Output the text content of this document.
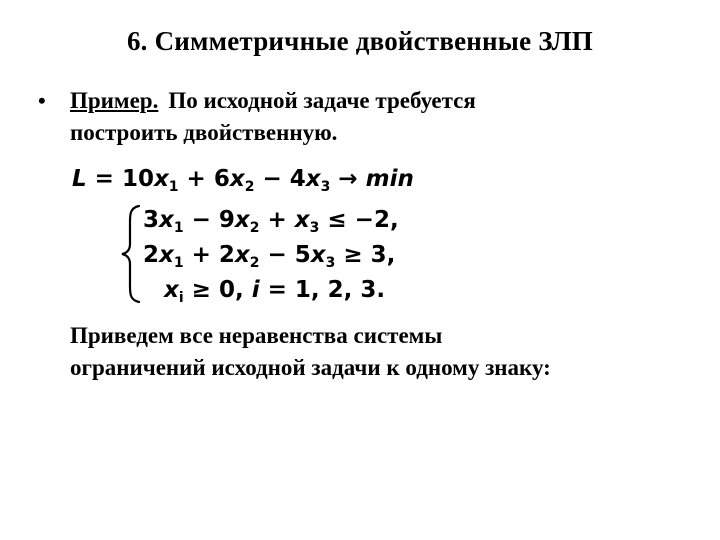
6. Симметричные двойственные ЗЛП
• Пример. По исходной задаче требуется
построить двойственную.
$L = 10x_1 + 6x_2 - 4x_3 \to \min$
$3x_1 - 9x_2 + x_3 \le -2$,
$2x_1 + 2x_2 - 5x_3 \ge 3$,
$x_i \ge 0$, i = 1, 2, 3.
Приведем все неравенства системы
ограничений исходной задачи к одному знаку:
